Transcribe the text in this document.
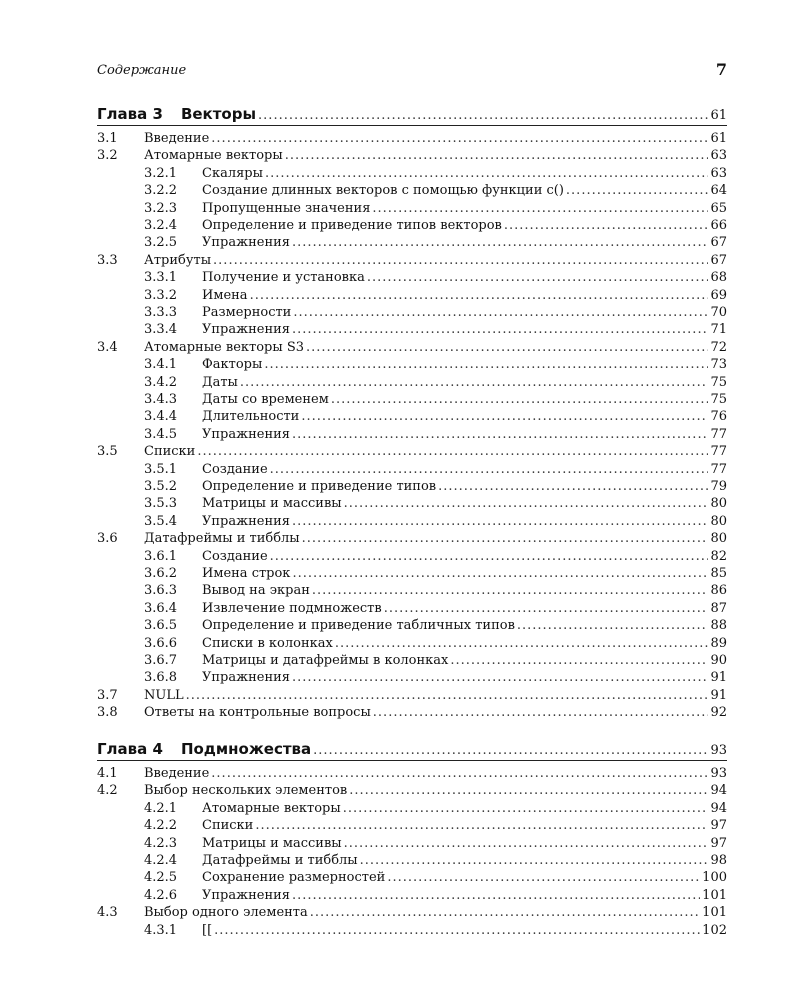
Содержание	7
Глава 3 Векторы .....	61
3.1	Введение .....	61
3.2	Атомарные векторы .....	63
3.2.1	Скаляры .....	63
3.2.2	Создание длинных векторов с помощью функции c() .....	64
3.2.3	Пропущенные значения .....	65
3.2.4	Определение и приведение типов векторов .....	66
3.2.5	Упражнения .....	67
3.3	Атрибуты .....	67
3.3.1	Получение и установка .....	68
3.3.2	Имена .....	69
3.3.3	Размерности .....	70
3.3.4	Упражнения .....	71
3.4	Атомарные векторы S3 .....	72
3.4.1	Факторы .....	73
3.4.2	Даты .....	75
3.4.3	Даты со временем .....	75
3.4.4	Длительности .....	76
3.4.5	Упражнения .....	77
3.5	Списки .....	77
3.5.1	Создание .....	77
3.5.2	Определение и приведение типов .....	79
3.5.3	Матрицы и массивы .....	80
3.5.4	Упражнения .....	80
3.6	Датафреймы и тибблы .....	80
3.6.1	Создание .....	82
3.6.2	Имена строк .....	85
3.6.3	Вывод на экран .....	86
3.6.4	Извлечение подмножеств .....	87
3.6.5	Определение и приведение табличных типов .....	88
3.6.6	Списки в колонках .....	89
3.6.7	Матрицы и датафреймы в колонках .....	90
3.6.8	Упражнения .....	91
3.7	NULL .....	91
3.8	Ответы на контрольные вопросы .....	92
Глава 4 Подмножества .....	93
4.1	Введение .....	93
4.2	Выбор нескольких элементов .....	94
4.2.1	Атомарные векторы .....	94
4.2.2	Списки .....	97
4.2.3	Матрицы и массивы .....	97
4.2.4	Датафреймы и тибблы .....	98
4.2.5	Сохранение размерностей .....	100
4.2.6	Упражнения .....	101
4.3	Выбор одного элемента .....	101
4.3.1	[[ .....	102
